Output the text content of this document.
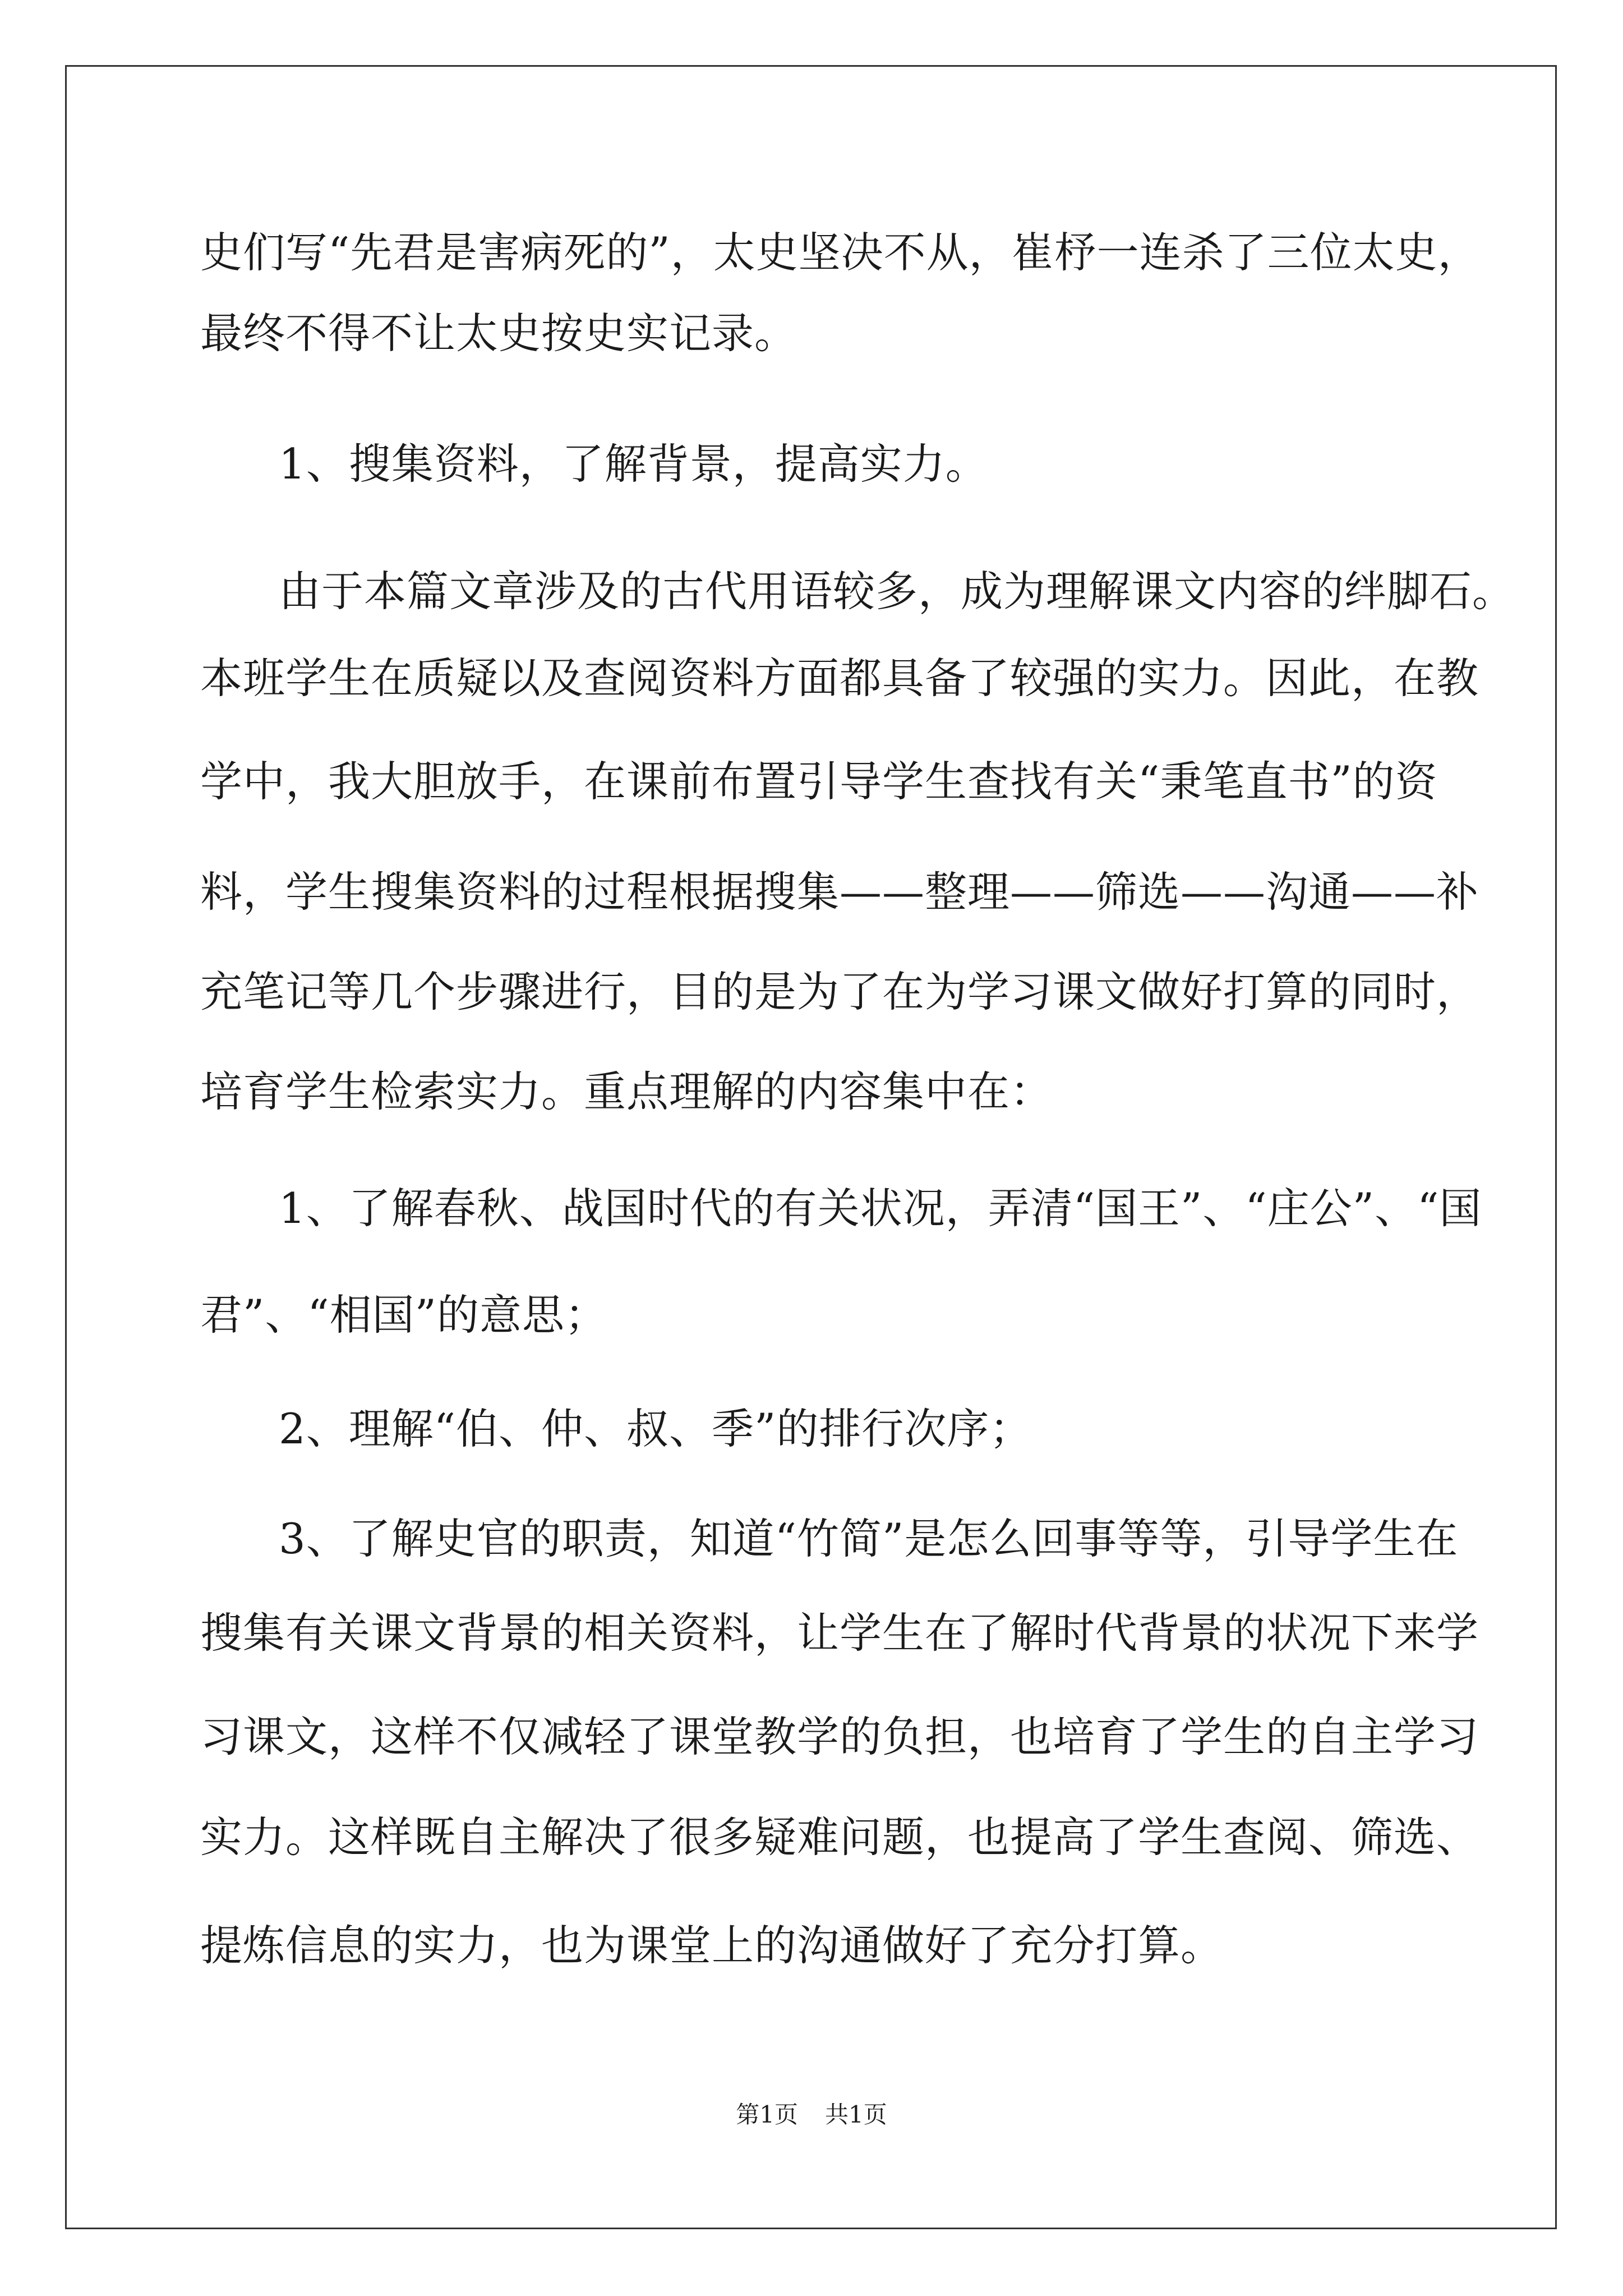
史们写“先君是害病死的”，太史坚决不从，崔杼一连杀了三位太史，
最终不得不让太史按史实记录。
1、搜集资料，了解背景，提高实力。
由于本篇文章涉及的古代用语较多，成为理解课文内容的绊脚石。
本班学生在质疑以及查阅资料方面都具备了较强的实力。因此，在教
学中，我大胆放手，在课前布置引导学生查找有关“秉笔直书”的资
料，学生搜集资料的过程根据搜集——整理——筛选——沟通——补
充笔记等几个步骤进行，目的是为了在为学习课文做好打算的同时，
培育学生检索实力。重点理解的内容集中在：
1、了解春秋、战国时代的有关状况，弄清“国王”、“庄公”、“国
君”、“相国”的意思；
2、理解“伯、仲、叔、季”的排行次序；
3、了解史官的职责，知道“竹简”是怎么回事等等，引导学生在
搜集有关课文背景的相关资料，让学生在了解时代背景的状况下来学
习课文，这样不仅减轻了课堂教学的负担，也培育了学生的自主学习
实力。这样既自主解决了很多疑难问题，也提高了学生查阅、筛选、
提炼信息的实力，也为课堂上的沟通做好了充分打算。
第1页 共1页
